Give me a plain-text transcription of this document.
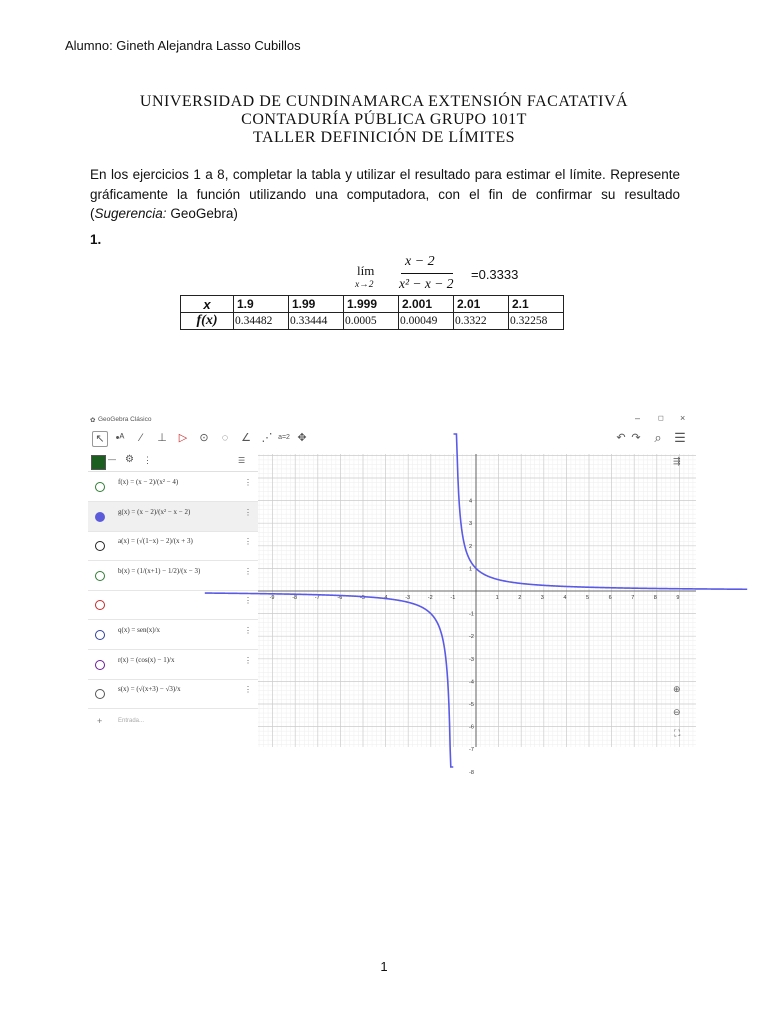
Alumno: Gineth Alejandra Lasso Cubillos
UNIVERSIDAD DE CUNDINAMARCA EXTENSIÓN FACATATIVÁ
CONTADURÍA PÚBLICA GRUPO 101T
TALLER DEFINICIÓN DE LÍMITES
En los ejercicios 1 a 8, completar la tabla y utilizar el resultado para estimar el límite. Represente gráficamente la función utilizando una computadora, con el fin de confirmar su resultado (Sugerencia: GeoGebra)
1.
lím
x→2
x − 2
x² − x − 2
=0.3333
x	1.9	1.99	1.999	2.001	2.01	2.1
f(x)	0.34482	0.33444	0.0005	0.00049	0.3322	0.32258
✿ GeoGebra Clásico	–	◻ ×
↖ •ᴬ	⁄	⊥ ▷ ⊙	◌	∠ ⋰ a=2 ✥	↶ ↷ ⌕ ☰
— ⚙ ⋮	☰
f(x) = (x − 2)/(x² − 4)	⋮
g(x) = (x − 2)/(x² − x − 2)	⋮
a(x) = (√(1−x) − 2)/(x + 3)	⋮
b(x) = (1/(x+1) − 1/2)/(x − 3)	⋮
⋮
q(x) = sen(x)/x	⋮
r(x) = (cos(x) − 1)/x	⋮
s(x) = (√(x+3) − √3)/x	⋮
+	Entrada...
-9	-8	-7	-6	-5	-4	-3	-2	-1	1	2	3	4	5	6	7	8	9
4
3
2
1
-1
-2
-3
-4
-5
-6
-7
-8
⇶
⊕
⊖
⛶
1
